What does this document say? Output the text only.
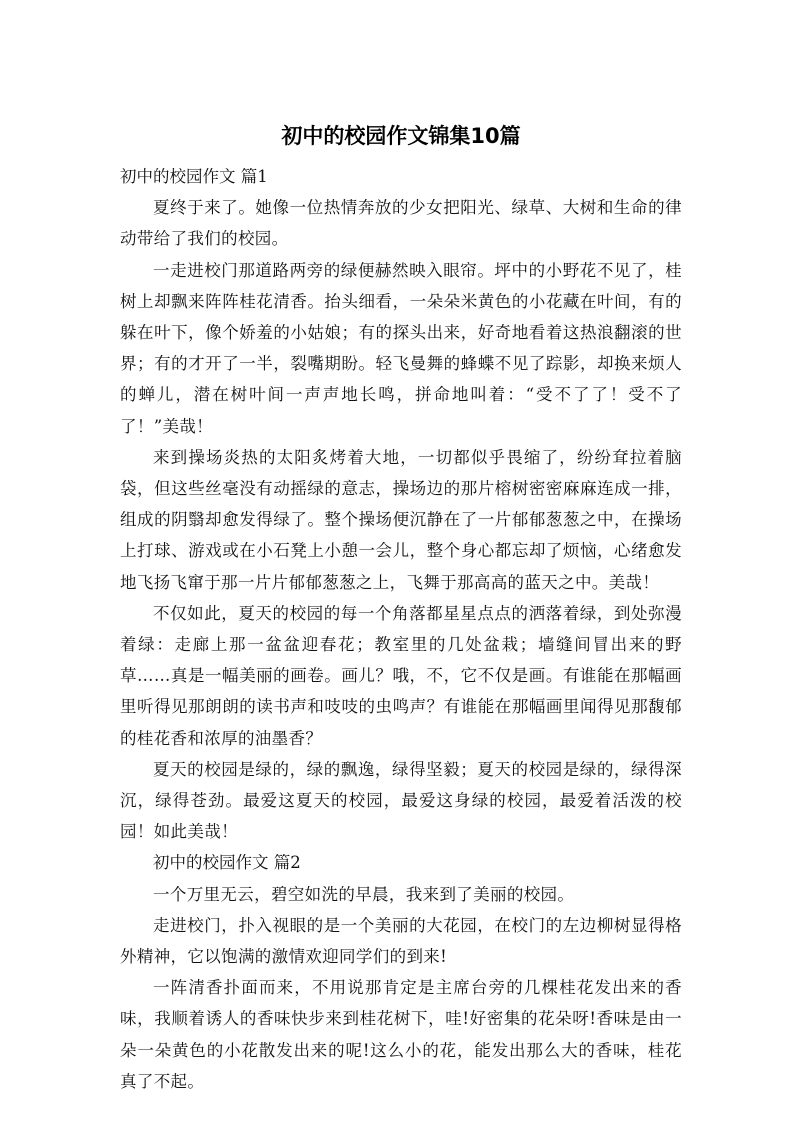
初中的校园作文锦集10篇

初中的校园作文 篇1

夏终于来了。她像一位热情奔放的少女把阳光、绿草、大树和生命的律动带给了我们的校园。

一走进校门那道路两旁的绿便赫然映入眼帘。坪中的小野花不见了，桂树上却飘来阵阵桂花清香。抬头细看，一朵朵米黄色的小花藏在叶间，有的躲在叶下，像个娇羞的小姑娘；有的探头出来，好奇地看着这热浪翻滚的世界；有的才开了一半，裂嘴期盼。轻飞曼舞的蜂蝶不见了踪影，却换来烦人的蝉儿，潜在树叶间一声声地长鸣，拼命地叫着：“受不了了！受不了了！”美哉！

来到操场炎热的太阳炙烤着大地，一切都似乎畏缩了，纷纷耷拉着脑袋，但这些丝毫没有动摇绿的意志，操场边的那片榕树密密麻麻连成一排，组成的阴翳却愈发得绿了。整个操场便沉静在了一片郁郁葱葱之中，在操场上打球、游戏或在小石凳上小憩一会儿，整个身心都忘却了烦恼，心绪愈发地飞扬飞窜于那一片片郁郁葱葱之上，飞舞于那高高的蓝天之中。美哉！

不仅如此，夏天的校园的每一个角落都星星点点的洒落着绿，到处弥漫着绿：走廊上那一盆盆迎春花；教室里的几处盆栽；墙缝间冒出来的野草……真是一幅美丽的画卷。画儿？哦，不，它不仅是画。有谁能在那幅画里听得见那朗朗的读书声和吱吱的虫鸣声？有谁能在那幅画里闻得见那馥郁的桂花香和浓厚的油墨香？

夏天的校园是绿的，绿的飘逸，绿得坚毅；夏天的校园是绿的，绿得深沉，绿得苍劲。最爱这夏天的校园，最爱这身绿的校园，最爱着活泼的校园！如此美哉！

初中的校园作文 篇2

一个万里无云，碧空如洗的早晨，我来到了美丽的校园。

走进校门，扑入视眼的是一个美丽的大花园，在校门的左边柳树显得格外精神，它以饱满的激情欢迎同学们的到来!

一阵清香扑面而来，不用说那肯定是主席台旁的几棵桂花发出来的香味，我顺着诱人的香味快步来到桂花树下，哇!好密集的花朵呀!香味是由一朵一朵黄色的小花散发出来的呢!这么小的花，能发出那么大的香味，桂花真了不起。
